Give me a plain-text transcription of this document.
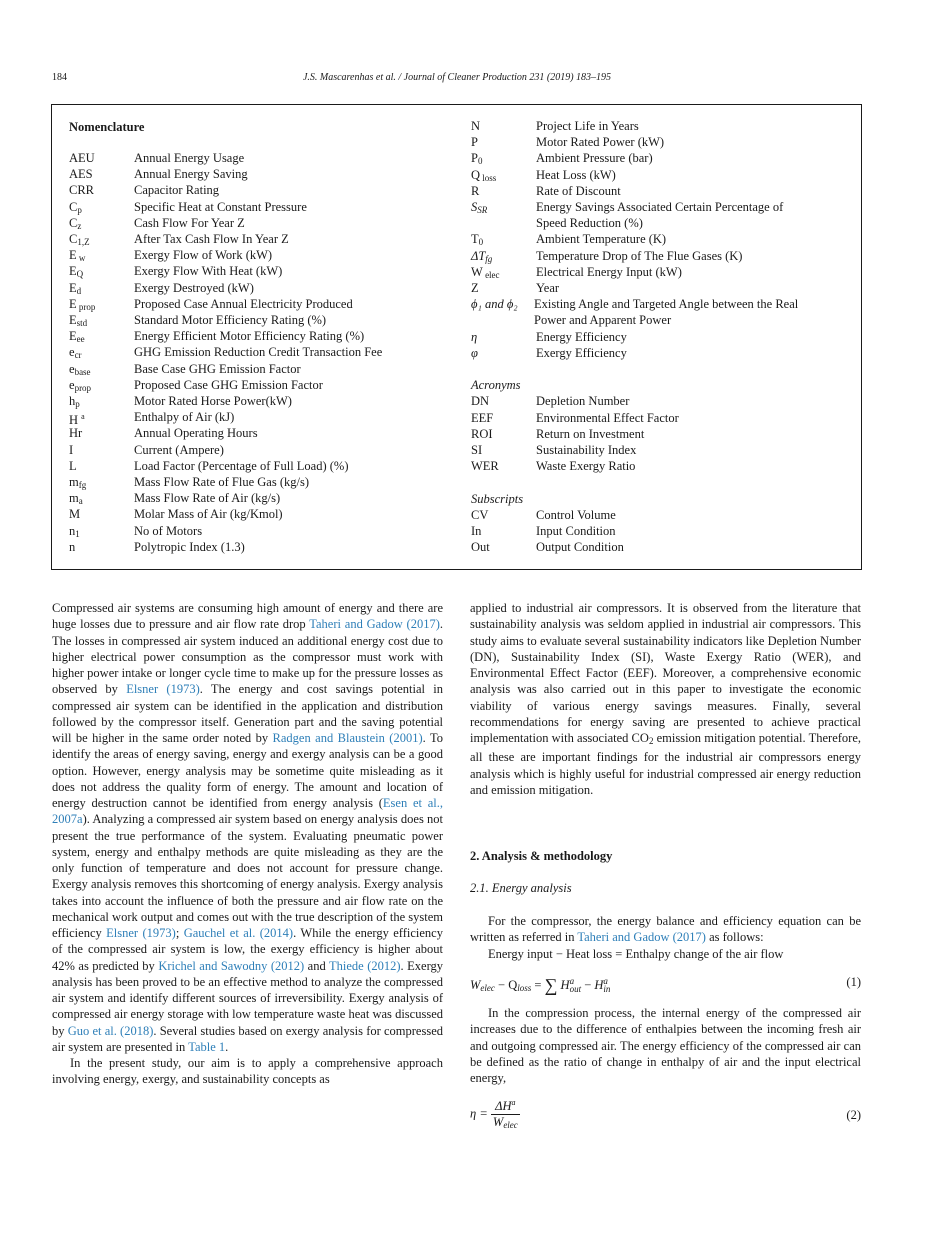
184	J.S. Mascarenhas et al. / Journal of Cleaner Production 231 (2019) 183–195
Nomenclature
AEU	Annual Energy Usage
AES	Annual Energy Saving
CRR	Capacitor Rating
$C_p$	Specific Heat at Constant Pressure
$C_z$	Cash Flow For Year Z
$C_{1,Z}$	After Tax Cash Flow In Year Z
E $_w$	Exergy Flow of Work (kW)
$E_Q$	Exergy Flow With Heat (kW)
$E_d$	Exergy Destroyed (kW)
E $_{prop}$	Proposed Case Annual Electricity Produced
$E_{std}$	Standard Motor Efficiency Rating (%)
$E_{ee}$	Energy Efficient Motor Efficiency Rating (%)
$e_{cr}$	GHG Emission Reduction Credit Transaction Fee
$e_{base}$	Base Case GHG Emission Factor
$e_{prop}$	Proposed Case GHG Emission Factor
$h_p$	Motor Rated Horse Power(kW)
H $^a$	Enthalpy of Air (kJ)
Hr	Annual Operating Hours
I	Current (Ampere)
L	Load Factor (Percentage of Full Load) (%)
$m_{fg}$	Mass Flow Rate of Flue Gas (kg/s)
$m_a$	Mass Flow Rate of Air (kg/s)
M	Molar Mass of Air (kg/Kmol)
$n_1$	No of Motors
n	Polytropic Index (1.3)
N	Project Life in Years
P	Motor Rated Power (kW)
$P_0$	Ambient Pressure (bar)
Q $_{loss}$	Heat Loss (kW)
R	Rate of Discount
$S_{SR}$	Energy Savings Associated Certain Percentage of
Speed Reduction (%)
$T_0$	Ambient Temperature (K)
$\Delta T_{fg}$	Temperature Drop of The Flue Gases (K)
W $_{elec}$	Electrical Energy Input (kW)
Z	Year
ϕ₁ and ϕ₂ Existing Angle and Targeted Angle between the Real
Power and Apparent Power
η	Energy Efficiency
φ	Exergy Efficiency
Acronyms
DN	Depletion Number
EEF	Environmental Effect Factor
ROI	Return on Investment
SI	Sustainability Index
WER	Waste Exergy Ratio
Subscripts
CV	Control Volume
In	Input Condition
Out	Output Condition

Compressed air systems are consuming high amount of energy and there are huge losses due to pressure and air flow rate drop Taheri and Gadow (2017). The losses in compressed air system induced an additional energy cost due to higher electrical power consumption as the compressor must work with higher power intake or longer cycle time to make up for the pressure losses as observed by Elsner (1973). The energy and cost savings potential in compressed air system can be identified in the application and distribution followed by the compressor itself. Generation part and the saving potential will be higher in the same order noted by Radgen and Blaustein (2001). To identify the areas of energy saving, energy and exergy analysis can be a good option. However, energy analysis may be sometime quite misleading as it does not address the quality form of energy. The amount and location of energy destruction cannot be identified from energy analysis (Esen et al., 2007a). Analyzing a compressed air system based on energy analysis does not present the true performance of the system. Evaluating pneumatic power system, energy and enthalpy methods are quite misleading as they are the only function of temperature and does not account for pressure change. Exergy analysis removes this shortcoming of energy analysis. Exergy analysis takes into account the influence of both the pressure and air flow rate on the mechanical work output and comes out with the true description of the system efficiency Elsner (1973); Gauchel et al. (2014). While the energy efficiency of the compressed air system is low, the exergy efficiency is higher about 42% as predicted by Krichel and Sawodny (2012) and Thiede (2012). Exergy analysis has been proved to be an effective method to analyze the compressed air system and identify different sources of irreversibility. Exergy analysis of compressed air energy storage with low temperature waste heat was discussed by Guo et al. (2018). Several studies based on exergy analysis for compressed air system are presented in Table 1.

In the present study, our aim is to apply a comprehensive approach involving energy, exergy, and sustainability concepts as

applied to industrial air compressors. It is observed from the literature that sustainability analysis was seldom applied in industrial air compressors. This study aims to evaluate several sustainability indicators like Depletion Number (DN), Sustainability Index (SI), Waste Exergy Ratio (WER), and Environmental Effect Factor (EEF). Moreover, a comprehensive economic analysis was also carried out in this paper to investigate the economic viability of various energy savings measures. Finally, several recommendations for energy saving are presented to achieve practical implementation with associated $CO_2$ emission mitigation potential. Therefore, all these are important findings for the industrial air compressors energy analysis which is highly useful for industrial compressed air energy reduction and emission mitigation.

2. Analysis & methodology
2.1. Energy analysis

For the compressor, the energy balance and efficiency equation can be written as referred in Taheri and Gadow (2017) as follows:

Energy input − Heat loss = Enthalpy change of the air flow

$W_{elec} - Q_{loss}$ = ∑ H a
out − H a
in	(1)

In the compression process, the internal energy of the compressed air increases due to the difference of enthalpies between the incoming fresh air and outgoing compressed air. The energy efficiency of the compressed air can be defined as the ratio of change in enthalpy of air and the input electrical energy,

$\eta = \frac{\Delta H^a}{W_{elec}}$	(2)
